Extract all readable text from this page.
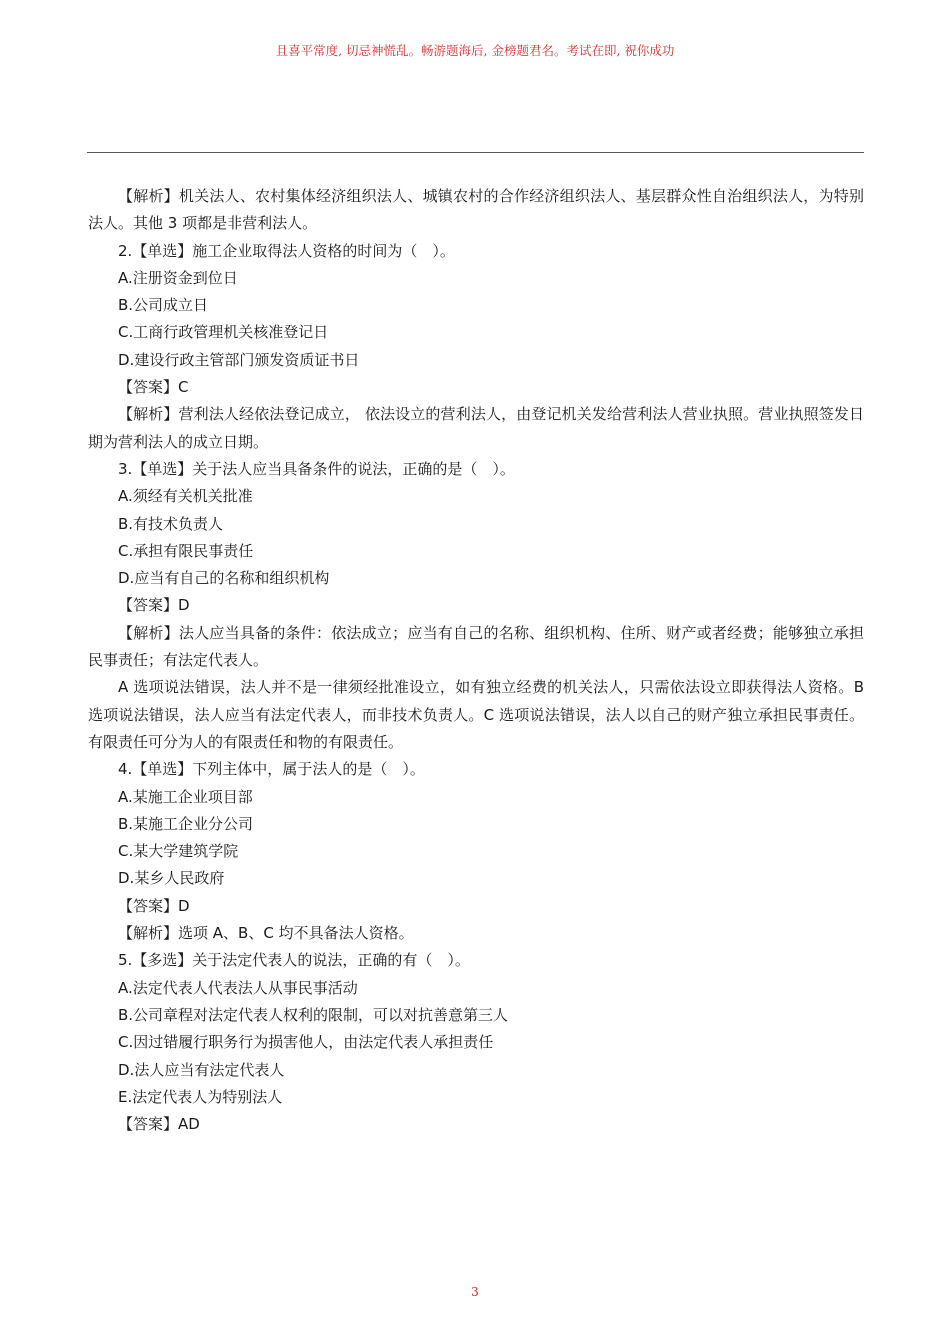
且喜平常度, 切忌神慌乱。畅游题海后, 金榜题君名。考试在即, 祝你成功

【解析】机关法人、农村集体经济组织法人、城镇农村的合作经济组织法人、基层群众性自治组织法人，为特别法人。其他 3 项都是非营利法人。

2.【单选】施工企业取得法人资格的时间为（　）。

A.注册资金到位日

B.公司成立日

C.工商行政管理机关核准登记日

D.建设行政主管部门颁发资质证书日

【答案】C

【解析】营利法人经依法登记成立， 依法设立的营利法人，由登记机关发给营利法人营业执照。营业执照签发日期为营利法人的成立日期。

3.【单选】关于法人应当具备条件的说法，正确的是（　）。

A.须经有关机关批准

B.有技术负责人

C.承担有限民事责任

D.应当有自己的名称和组织机构

【答案】D

【解析】法人应当具备的条件：依法成立；应当有自己的名称、组织机构、住所、财产或者经费；能够独立承担民事责任；有法定代表人。

A 选项说法错误，法人并不是一律须经批准设立，如有独立经费的机关法人，只需依法设立即获得法人资格。B 选项说法错误，法人应当有法定代表人，而非技术负责人。C 选项说法错误，法人以自己的财产独立承担民事责任。有限责任可分为人的有限责任和物的有限责任。

4.【单选】下列主体中，属于法人的是（　）。

A.某施工企业项目部

B.某施工企业分公司

C.某大学建筑学院

D.某乡人民政府

【答案】D

【解析】选项 A、B、C 均不具备法人资格。

5.【多选】关于法定代表人的说法，正确的有（　）。

A.法定代表人代表法人从事民事活动

B.公司章程对法定代表人权利的限制，可以对抗善意第三人

C.因过错履行职务行为损害他人，由法定代表人承担责任

D.法人应当有法定代表人

E.法定代表人为特别法人

【答案】AD

3
